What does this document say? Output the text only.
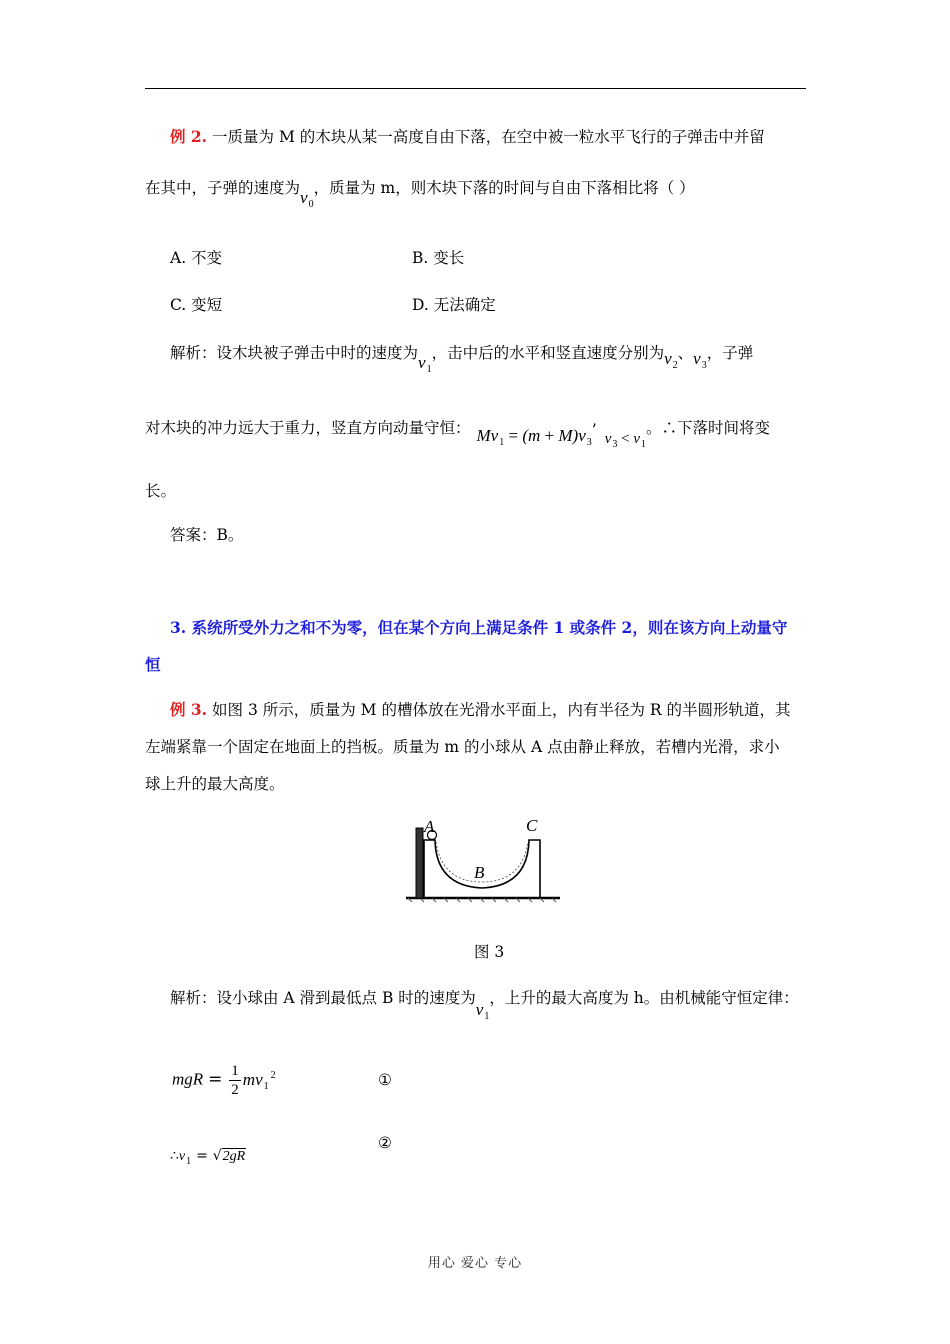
例 2. 一质量为 M 的木块从某一高度自由下落，在空中被一粒水平飞行的子弹击中并留
在其中，子弹的速度为$v_0$，质量为 m，则木块下落的时间与自由下落相比将（ ）
A. 不变	B. 变长
C. 变短	D. 无法确定
解析：设木块被子弹击中时的速度为$v_1$，击中后的水平和竖直速度分别为$v_2$、$v_3$，子弹
对木块的冲力远大于重力，竖直方向动量守恒： $Mv_1 = (m + M)v_3$’ $v_3 < v_1$。∴下落时间将变
长。
答案：B。
3. 系统所受外力之和不为零，但在某个方向上满足条件 1 或条件 2，则在该方向上动量守
恒
例 3. 如图 3 所示，质量为 M 的槽体放在光滑水平面上，内有半径为 R 的半圆形轨道，其
左端紧靠一个固定在地面上的挡板。质量为 m 的小球从 A 点由静止释放，若槽内光滑，求小
球上升的最大高度。
A
B
C
图 3
解析：设小球由 A 滑到最低点 B 时的速度为$v_1$，上升的最大高度为 h。由机械能守恒定律：
mgR = $\frac{1}{2} mv_1^2$	①
$\therefore v_1 = √2gR$
②
用心 爱心 专心
